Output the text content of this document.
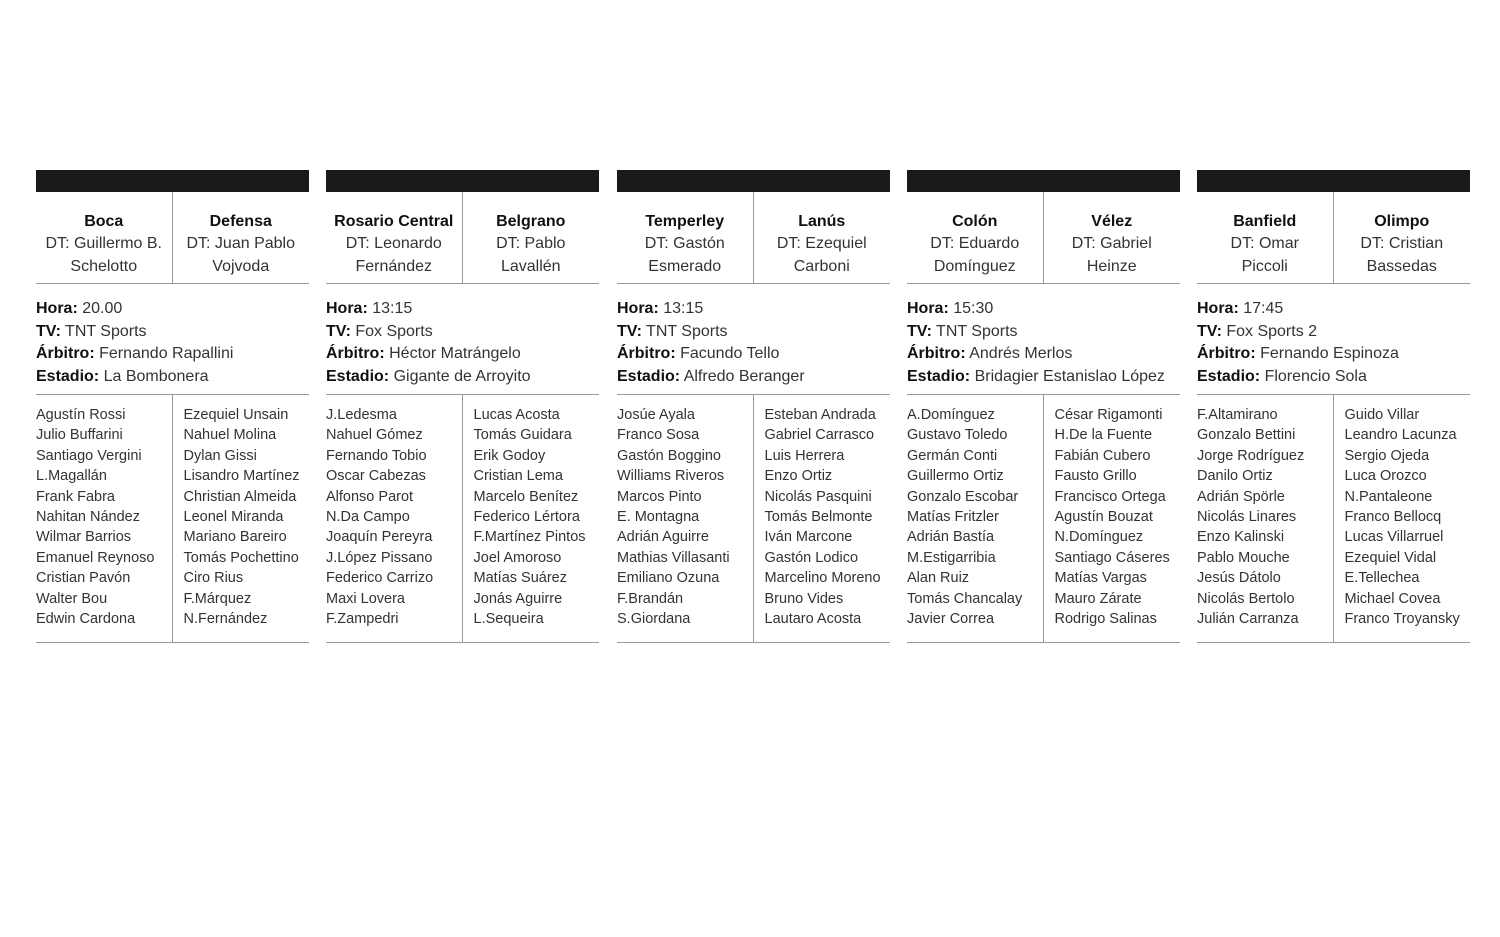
Boca
DT: Guillermo B.
Schelotto
Defensa
DT: Juan Pablo
Vojvoda
Hora: 20.00
TV: TNT Sports
Árbitro: Fernando Rapallini
Estadio: La Bombonera
Agustín Rossi
Julio Buffarini
Santiago Vergini
L.Magallán
Frank Fabra
Nahitan Nández
Wilmar Barrios
Emanuel Reynoso
Cristian Pavón
Walter Bou
Edwin Cardona
Ezequiel Unsain
Nahuel Molina
Dylan Gissi
Lisandro Martínez
Christian Almeida
Leonel Miranda
Mariano Bareiro
Tomás Pochettino
Ciro Rius
F.Márquez
N.Fernández
Rosario Central
DT: Leonardo
Fernández
Belgrano
DT: Pablo
Lavallén
Hora: 13:15
TV: Fox Sports
Árbitro: Héctor Matrángelo
Estadio: Gigante de Arroyito
J.Ledesma
Nahuel Gómez
Fernando Tobio
Oscar Cabezas
Alfonso Parot
N.Da Campo
Joaquín Pereyra
J.López Pissano
Federico Carrizo
Maxi Lovera
F.Zampedri
Lucas Acosta
Tomás Guidara
Erik Godoy
Cristian Lema
Marcelo Benítez
Federico Lértora
F.Martínez Pintos
Joel Amoroso
Matías Suárez
Jonás Aguirre
L.Sequeira
Temperley
DT: Gastón
Esmerado
Lanús
DT: Ezequiel
Carboni
Hora: 13:15
TV: TNT Sports
Árbitro: Facundo Tello
Estadio: Alfredo Beranger
Josúe Ayala
Franco Sosa
Gastón Boggino
Williams Riveros
Marcos Pinto
E. Montagna
Adrián Aguirre
Mathias Villasanti
Emiliano Ozuna
F.Brandán
S.Giordana
Esteban Andrada
Gabriel Carrasco
Luis Herrera
Enzo Ortiz
Nicolás Pasquini
Tomás Belmonte
Iván Marcone
Gastón Lodico
Marcelino Moreno
Bruno Vides
Lautaro Acosta
Colón
DT: Eduardo
Domínguez
Vélez
DT: Gabriel
Heinze
Hora: 15:30
TV: TNT Sports
Árbitro: Andrés Merlos
Estadio: Bridagier Estanislao López
A.Domínguez
Gustavo Toledo
Germán Conti
Guillermo Ortiz
Gonzalo Escobar
Matías Fritzler
Adrián Bastía
M.Estigarribia
Alan Ruiz
Tomás Chancalay
Javier Correa
César Rigamonti
H.De la Fuente
Fabián Cubero
Fausto Grillo
Francisco Ortega
Agustín Bouzat
N.Domínguez
Santiago Cáseres
Matías Vargas
Mauro Zárate
Rodrigo Salinas
Banfield
DT: Omar
Piccoli
Olimpo
DT: Cristian
Bassedas
Hora: 17:45
TV: Fox Sports 2
Árbitro: Fernando Espinoza
Estadio: Florencio Sola
F.Altamirano
Gonzalo Bettini
Jorge Rodríguez
Danilo Ortiz
Adrián Spörle
Nicolás Linares
Enzo Kalinski
Pablo Mouche
Jesús Dátolo
Nicolás Bertolo
Julián Carranza
Guido Villar
Leandro Lacunza
Sergio Ojeda
Luca Orozco
N.Pantaleone
Franco Bellocq
Lucas Villarruel
Ezequiel Vidal
E.Tellechea
Michael Covea
Franco Troyansky
